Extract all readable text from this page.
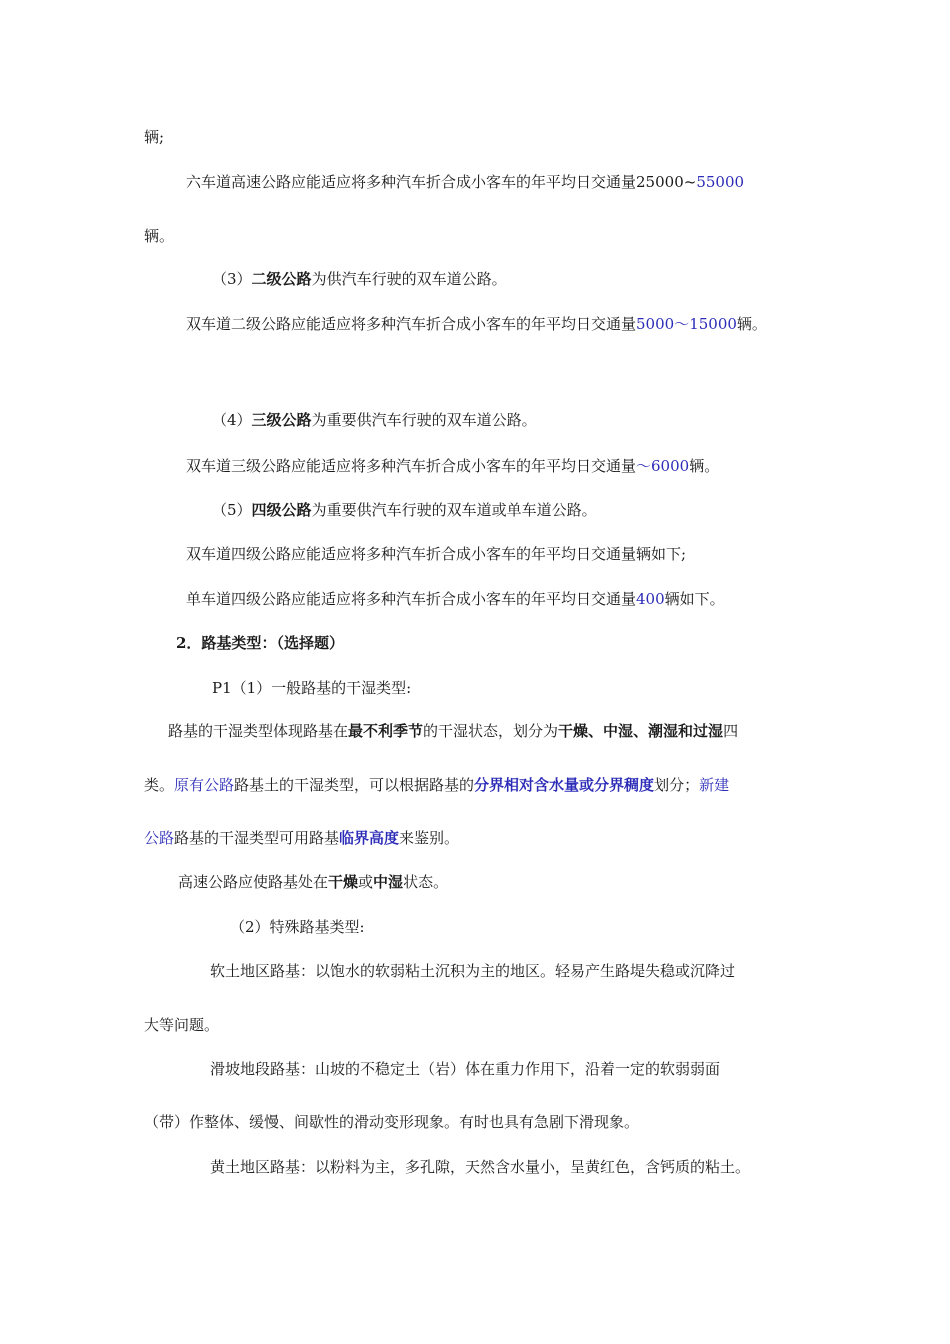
辆;
六车道高速公路应能适应将多种汽车折合成小客车的年平均日交通量25000~55000
辆。
（3）二级公路为供汽车行驶的双车道公路。
双车道二级公路应能适应将多种汽车折合成小客车的年平均日交通量5000～15000辆。
（4）三级公路为重要供汽车行驶的双车道公路。
双车道三级公路应能适应将多种汽车折合成小客车的年平均日交通量～6000辆。
（5）四级公路为重要供汽车行驶的双车道或单车道公路。
双车道四级公路应能适应将多种汽车折合成小客车的年平均日交通量辆如下;
单车道四级公路应能适应将多种汽车折合成小客车的年平均日交通量400辆如下。
2．路基类型：（选择题）
P1（1）一般路基的干湿类型:
路基的干湿类型体现路基在最不利季节的干湿状态，划分为干燥、中湿、潮湿和过湿四
类。原有公路路基土的干湿类型，可以根据路基的分界相对含水量或分界稠度划分；新建
公路路基的干湿类型可用路基临界高度来鉴别。
高速公路应使路基处在干燥或中湿状态。
（2）特殊路基类型:
软土地区路基：以饱水的软弱粘土沉积为主的地区。轻易产生路堤失稳或沉降过
大等问题。
滑坡地段路基：山坡的不稳定土（岩）体在重力作用下，沿着一定的软弱弱面
（带）作整体、缓慢、间歇性的滑动变形现象。有时也具有急剧下滑现象。
黄土地区路基：以粉料为主，多孔隙，天然含水量小，呈黄红色，含钙质的粘土。
